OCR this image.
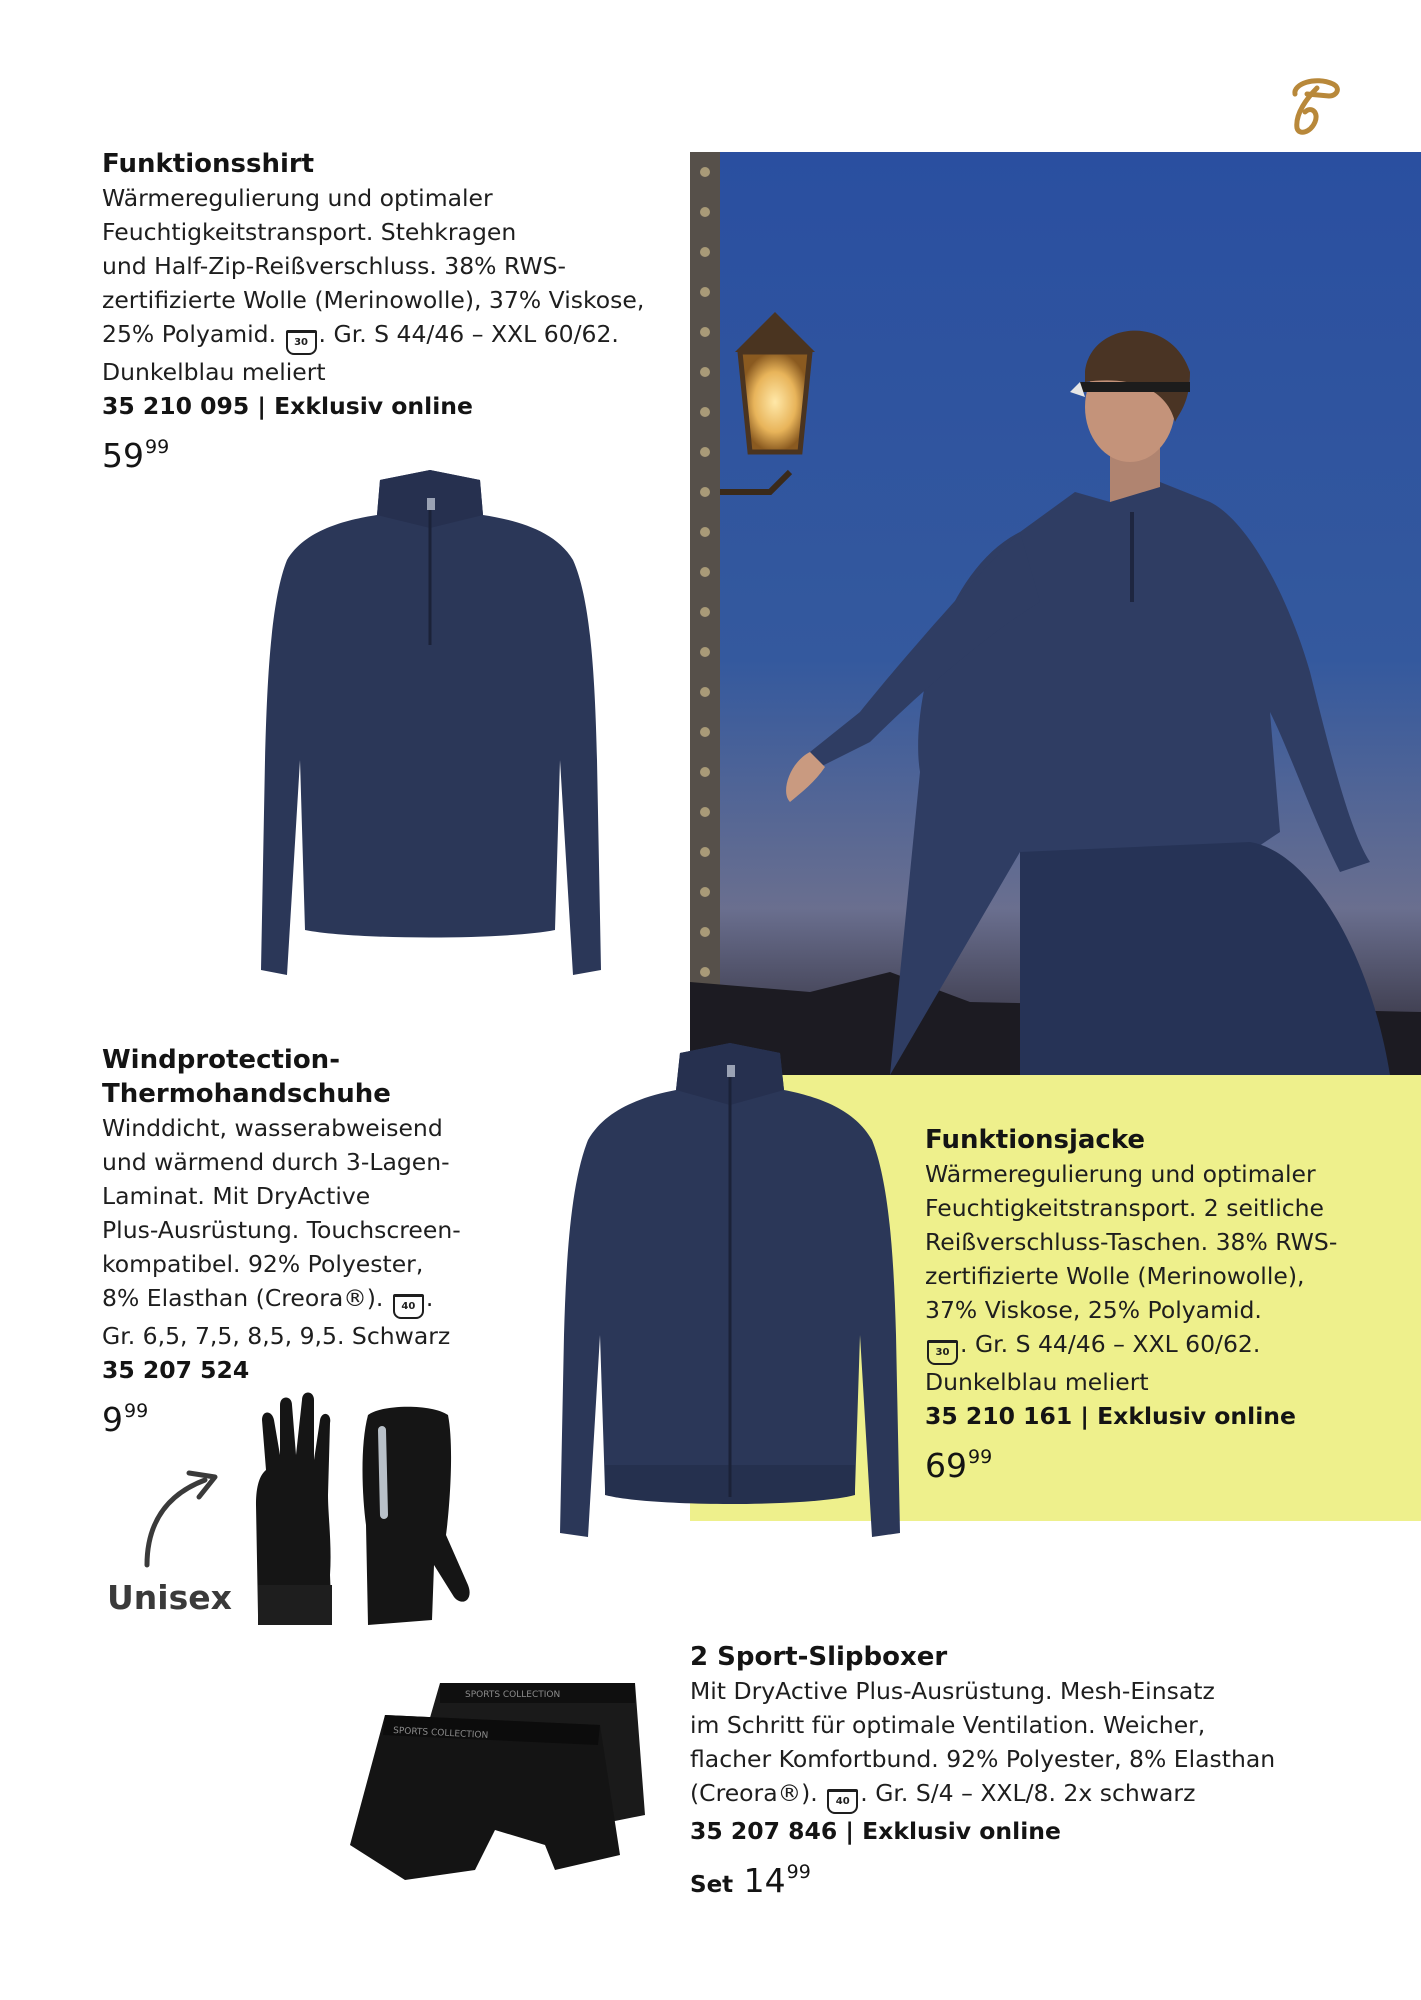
Funktionsshirt
Wärmeregulierung und optimaler
Feuchtigkeitstransport. Stehkragen
und Half-Zip-Reißverschluss. 38% RWS-
zertifizierte Wolle (Merinowolle), 37% Viskose,
25% Polyamid. 30 . Gr. S 44/46 – XXL 60/62.
Dunkelblau meliert
35 210 095 | Exklusiv online
$59^{99}$
Windprotection-
Thermohandschuhe
Winddicht, wasserabweisend
und wärmend durch 3-Lagen-
Laminat. Mit DryActive
Plus-Ausrüstung. Touchscreen-
kompatibel. 92% Polyester,
8% Elasthan (Creora®). 40 .
Gr. 6,5, 7,5, 8,5, 9,5. Schwarz
35 207 524
$9^{99}$
Unisex
Funktionsjacke
Wärmeregulierung und optimaler
Feuchtigkeitstransport. 2 seitliche
Reißverschluss-Taschen. 38% RWS-
zertifizierte Wolle (Merinowolle),
37% Viskose, 25% Polyamid.
30 . Gr. S 44/46 – XXL 60/62.
Dunkelblau meliert
35 210 161 | Exklusiv online
$69^{99}$
SPORTS COLLECTION
SPORTS COLLECTION
2 Sport-Slipboxer
Mit DryActive Plus-Ausrüstung. Mesh-Einsatz
im Schritt für optimale Ventilation. Weicher,
flacher Komfortbund. 92% Polyester, 8% Elasthan
(Creora®). 40 . Gr. S/4 – XXL/8. 2x schwarz
35 207 846 | Exklusiv online
Set $14^{99}$
